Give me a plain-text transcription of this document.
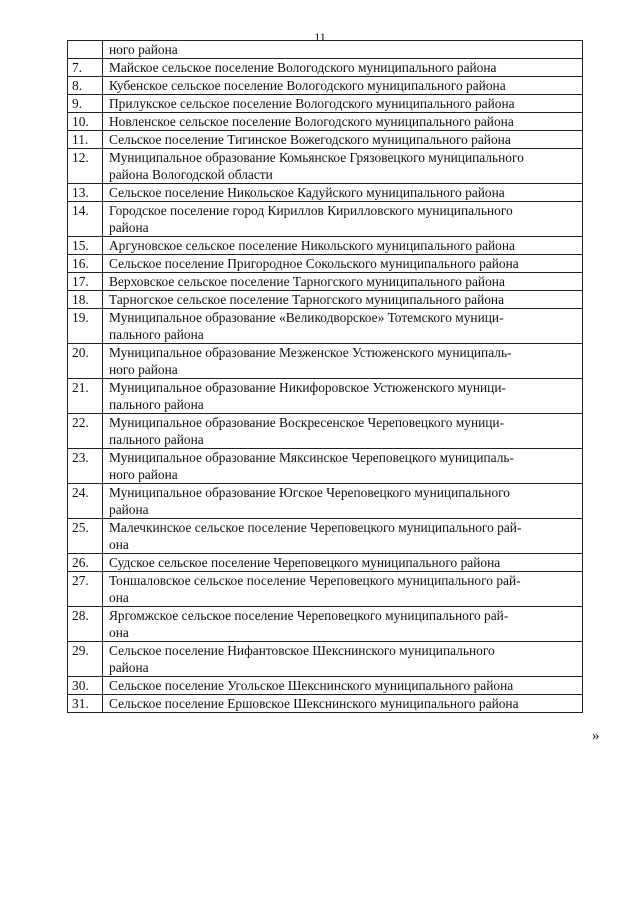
11

	ного района

7.	Майское сельское поселение Вологодского муниципального района

8.	Кубенское сельское поселение Вологодского муниципального района

9.	Прилукское сельское поселение Вологодского муниципального района

10.	Новленское сельское поселение Вологодского муниципального района

11.	Сельское поселение Тигинское Вожегодского муниципального района

12.	Муниципальное образование Комьянское Грязовецкого муниципального
района Вологодской области

13.	Сельское поселение Никольское Кадуйского муниципального района

14.	Городское поселение город Кириллов Кирилловского муниципального
района

15.	Аргуновское сельское поселение Никольского муниципального района

16.	Сельское поселение Пригородное Сокольского муниципального района

17.	Верховское сельское поселение Тарногского муниципального района

18.	Тарногское сельское поселение Тарногского муниципального района

19.	Муниципальное образование «Великодворское» Тотемского муници-
пального района

20.	Муниципальное образование Мезженское Устюженского муниципаль-
ного района

21.	Муниципальное образование Никифоровское Устюженского муници-
пального района

22.	Муниципальное образование Воскресенское Череповецкого муници-
пального района

23.	Муниципальное образование Мяксинское Череповецкого муниципаль-
ного района

24.	Муниципальное образование Югское Череповецкого муниципального
района

25.	Малечкинское сельское поселение Череповецкого муниципального рай-
она

26.	Судское сельское поселение Череповецкого муниципального района

27.	Тоншаловское сельское поселение Череповецкого муниципального рай-
она

28.	Яргомжское сельское поселение Череповецкого муниципального рай-
она

29.	Сельское поселение Нифантовское Шекснинского муниципального
района

30.	Сельское поселение Угольское Шекснинского муниципального района

31.	Сельское поселение Ершовское Шекснинского муниципального района
»
